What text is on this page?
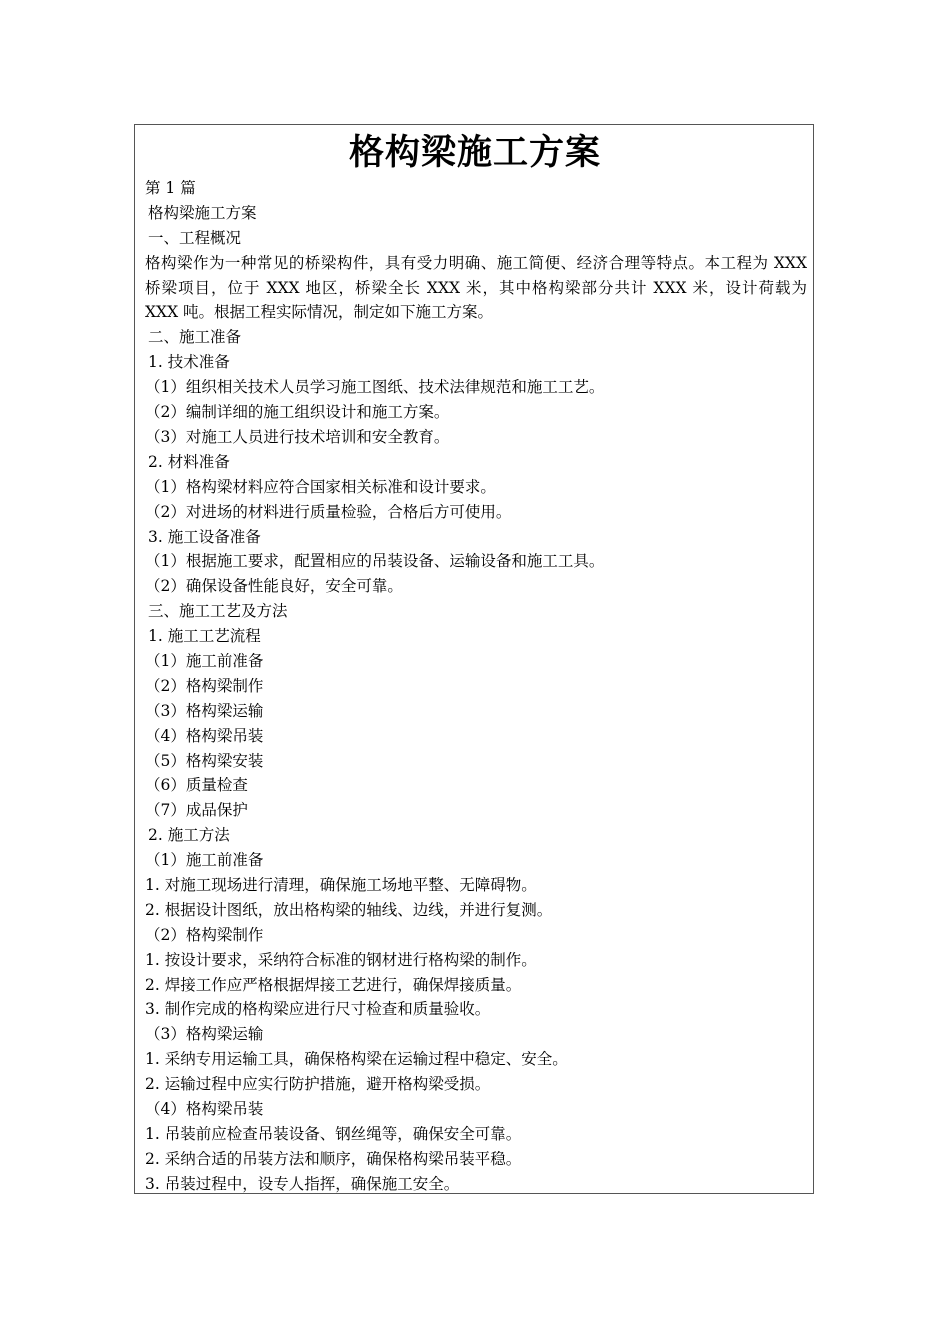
格构梁施工方案
第 1 篇
格构梁施工方案
一、工程概况
格构梁作为一种常见的桥梁构件，具有受力明确、施工简便、经济合理等特点。本工程为 XXX 桥梁项目，位于 XXX 地区，桥梁全长 XXX 米，其中格构梁部分共计 XXX 米，设计荷载为 XXX 吨。根据工程实际情况，制定如下施工方案。
二、施工准备
1. 技术准备
（1）组织相关技术人员学习施工图纸、技术法律规范和施工工艺。
（2）编制详细的施工组织设计和施工方案。
（3）对施工人员进行技术培训和安全教育。
2. 材料准备
（1）格构梁材料应符合国家相关标准和设计要求。
（2）对进场的材料进行质量检验，合格后方可使用。
3. 施工设备准备
（1）根据施工要求，配置相应的吊装设备、运输设备和施工工具。
（2）确保设备性能良好，安全可靠。
三、施工工艺及方法
1. 施工工艺流程
（1）施工前准备
（2）格构梁制作
（3）格构梁运输
（4）格构梁吊装
（5）格构梁安装
（6）质量检查
（7）成品保护
2. 施工方法
（1）施工前准备
1. 对施工现场进行清理，确保施工场地平整、无障碍物。
2. 根据设计图纸，放出格构梁的轴线、边线，并进行复测。
（2）格构梁制作
1. 按设计要求，采纳符合标准的钢材进行格构梁的制作。
2. 焊接工作应严格根据焊接工艺进行，确保焊接质量。
3. 制作完成的格构梁应进行尺寸检查和质量验收。
（3）格构梁运输
1. 采纳专用运输工具，确保格构梁在运输过程中稳定、安全。
2. 运输过程中应实行防护措施，避开格构梁受损。
（4）格构梁吊装
1. 吊装前应检查吊装设备、钢丝绳等，确保安全可靠。
2. 采纳合适的吊装方法和顺序，确保格构梁吊装平稳。
3. 吊装过程中，设专人指挥，确保施工安全。
